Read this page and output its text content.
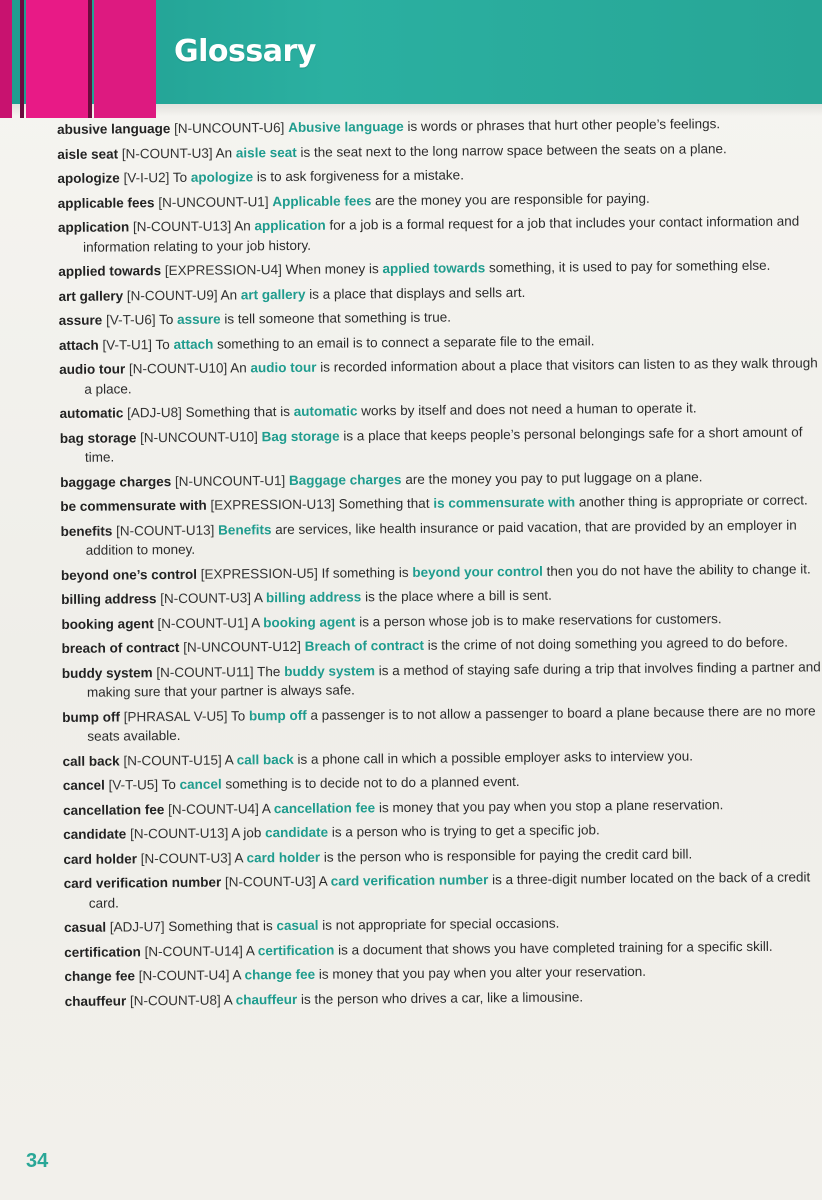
Glossary
abusive language [N-UNCOUNT-U6] Abusive language is words or phrases that hurt other people’s feelings.
aisle seat [N-COUNT-U3] An aisle seat is the seat next to the long narrow space between the seats on a plane.
apologize [V-I-U2] To apologize is to ask forgiveness for a mistake.
applicable fees [N-UNCOUNT-U1] Applicable fees are the money you are responsible for paying.
application [N-COUNT-U13] An application for a job is a formal request for a job that includes your contact information and information relating to your job history.
applied towards [EXPRESSION-U4] When money is applied towards something, it is used to pay for something else.
art gallery [N-COUNT-U9] An art gallery is a place that displays and sells art.
assure [V-T-U6] To assure is tell someone that something is true.
attach [V-T-U1] To attach something to an email is to connect a separate file to the email.
audio tour [N-COUNT-U10] An audio tour is recorded information about a place that visitors can listen to as they walk through a place.
automatic [ADJ-U8] Something that is automatic works by itself and does not need a human to operate it.
bag storage [N-UNCOUNT-U10] Bag storage is a place that keeps people’s personal belongings safe for a short amount of time.
baggage charges [N-UNCOUNT-U1] Baggage charges are the money you pay to put luggage on a plane.
be commensurate with [EXPRESSION-U13] Something that is commensurate with another thing is appropriate or correct.
benefits [N-COUNT-U13] Benefits are services, like health insurance or paid vacation, that are provided by an employer in addition to money.
beyond one’s control [EXPRESSION-U5] If something is beyond your control then you do not have the ability to change it.
billing address [N-COUNT-U3] A billing address is the place where a bill is sent.
booking agent [N-COUNT-U1] A booking agent is a person whose job is to make reservations for customers.
breach of contract [N-UNCOUNT-U12] Breach of contract is the crime of not doing something you agreed to do before.
buddy system [N-COUNT-U11] The buddy system is a method of staying safe during a trip that involves finding a partner and making sure that your partner is always safe.
bump off [PHRASAL V-U5] To bump off a passenger is to not allow a passenger to board a plane because there are no more seats available.
call back [N-COUNT-U15] A call back is a phone call in which a possible employer asks to interview you.
cancel [V-T-U5] To cancel something is to decide not to do a planned event.
cancellation fee [N-COUNT-U4] A cancellation fee is money that you pay when you stop a plane reservation.
candidate [N-COUNT-U13] A job candidate is a person who is trying to get a specific job.
card holder [N-COUNT-U3] A card holder is the person who is responsible for paying the credit card bill.
card verification number [N-COUNT-U3] A card verification number is a three-digit number located on the back of a credit card.
casual [ADJ-U7] Something that is casual is not appropriate for special occasions.
certification [N-COUNT-U14] A certification is a document that shows you have completed training for a specific skill.
change fee [N-COUNT-U4] A change fee is money that you pay when you alter your reservation.
chauffeur [N-COUNT-U8] A chauffeur is the person who drives a car, like a limousine.
34
